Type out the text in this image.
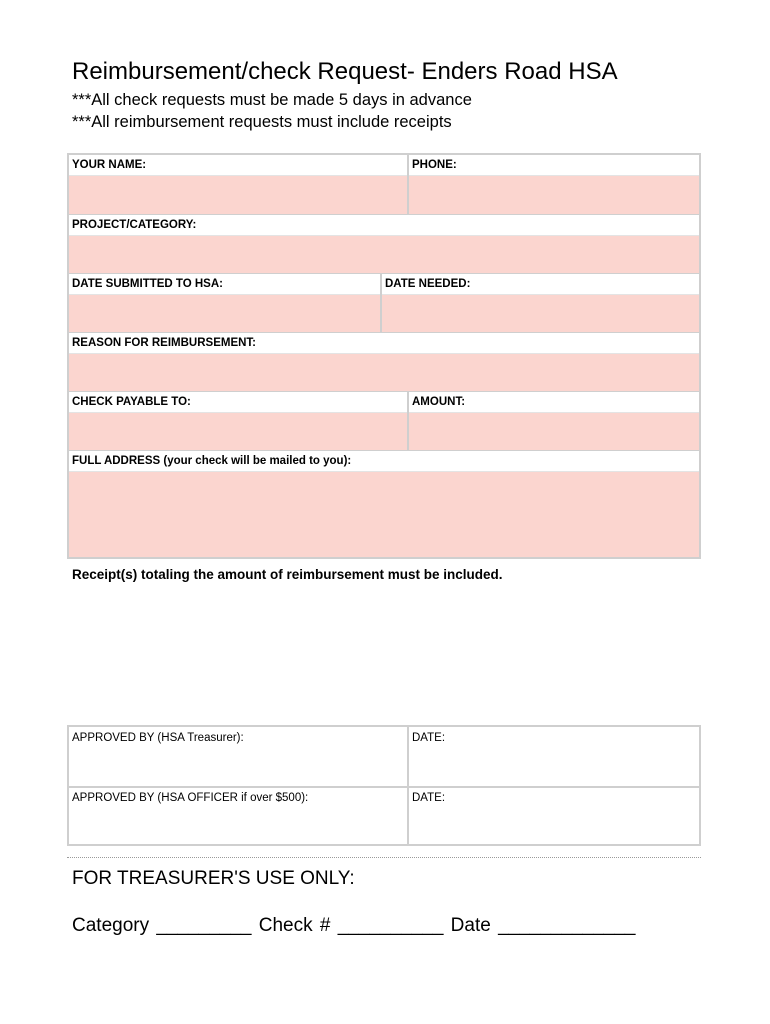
Reimbursement/check Request- Enders Road HSA
***All check requests must be made 5 days in advance
***All reimbursement requests must include receipts
YOUR NAME:	PHONE:
PROJECT/CATEGORY:
DATE SUBMITTED TO HSA:	DATE NEEDED:
REASON FOR REIMBURSEMENT:
CHECK PAYABLE TO:	AMOUNT:
FULL ADDRESS (your check will be mailed to you):
Receipt(s) totaling the amount of reimbursement must be included.
APPROVED BY (HSA Treasurer):	DATE:
APPROVED BY (HSA OFFICER if over $500):	DATE:
FOR TREASURER'S USE ONLY:
Category _________ Check # __________ Date _____________
